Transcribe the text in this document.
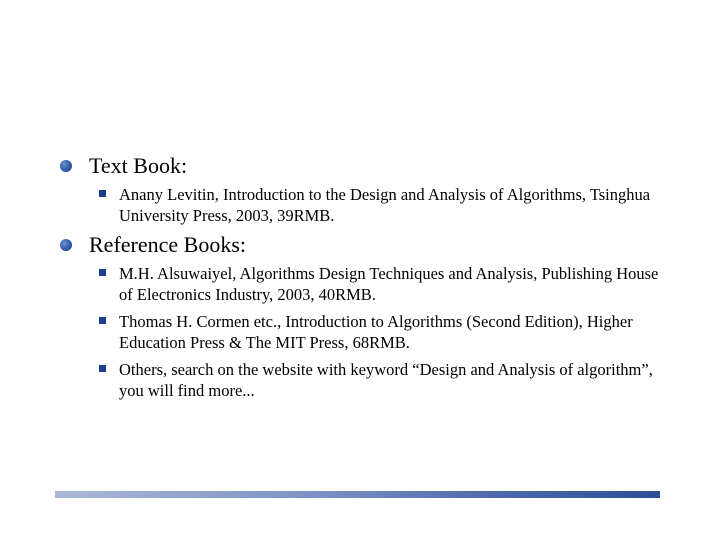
Text Book:
Anany Levitin, Introduction to the Design and Analysis of Algorithms, Tsinghua University Press, 2003, 39RMB.
Reference Books:
M.H. Alsuwaiyel, Algorithms Design Techniques and Analysis, Publishing House of Electronics Industry, 2003, 40RMB.
Thomas H. Cormen etc., Introduction to Algorithms (Second Edition), Higher Education Press & The MIT Press, 68RMB.
Others, search on the website with keyword “Design and Analysis of algorithm”, you will find more...
